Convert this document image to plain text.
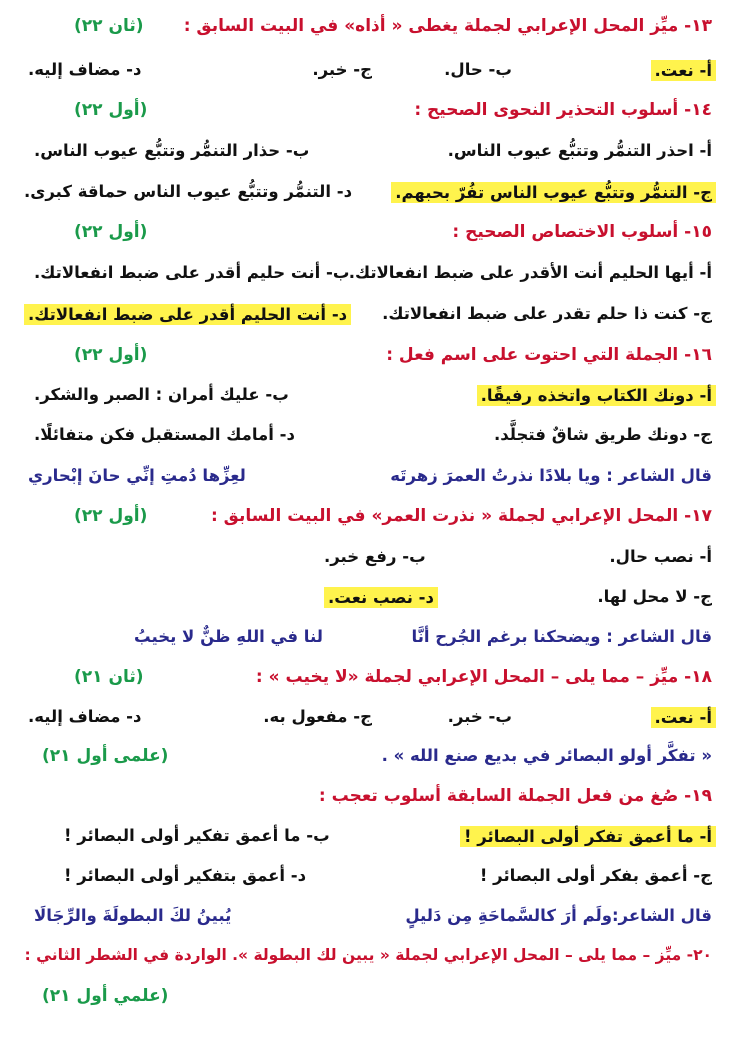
١٣- ميِّز المحل الإعرابي لجملة يغطى « أذاه» في البيت السابق :
(ثان ٢٢)
أ- نعت.
ب- حال.
ج- خبر.
د- مضاف إليه.
١٤- أسلوب التحذير النحوى الصحيح :
(أول ٢٢)
أ- احذر التنمُّر وتتبُّع عيوب الناس.
ب- حذار التنمُّر وتتبُّع عيوب الناس.
ج- التنمُّر وتتبُّع عيوب الناس تفُرّ بحبهم.
د- التنمُّر وتتبُّع عيوب الناس حماقة كبرى.
١٥- أسلوب الاختصاص الصحيح :
(أول ٢٢)
أ- أيها الحليم أنت الأقدر على ضبط انفعالاتك.
ب- أنت حليم أقدر على ضبط انفعالاتك.
ج- كنت ذا حلم تقدر على ضبط انفعالاتك.
د- أنت الحليم أقدر على ضبط انفعالاتك.
١٦- الجملة التي احتوت على اسم فعل :
(أول ٢٢)
أ- دونك الكتاب واتخذه رفيقًا.
ب- عليك أمران : الصبر والشكر.
ج- دونك طريق شاقٌ فتجلَّد.
د- أمامك المستقبل فكن متفائلًا.
قال الشاعر : ويا بلادًا نذرتُ العمرَ زهرتَه
لعِزِّها دُمتِ إنِّي حانَ إبْحاري
١٧- المحل الإعرابي لجملة « نذرت العمر» في البيت السابق :
(أول ٢٢)
أ- نصب حال.
ب- رفع خبر.
ج- لا محل لها.
د- نصب نعت.
قال الشاعر : ويضحكنا برغم الجُرح أنَّا
لنا في اللهِ ظنٌّ لا يخيبُ
١٨- ميِّز – مما يلى – المحل الإعرابي لجملة «لا يخيب » :
(ثان ٢١)
أ- نعت.
ب- خبر.
ج- مفعول به.
د- مضاف إليه.
« تفكَّر أولو البصائر في بديع صنع الله » .
(علمى أول ٢١)
١٩- صُغ من فعل الجملة السابقة أسلوب تعجب :
أ- ما أعمق تفكر أولى البصائر !
ب- ما أعمق تفكير أولى البصائر !
ج- أعمق بفكر أولى البصائر !
د- أعمق بتفكير أولى البصائر !
قال الشاعر:ولَم أرَ كالسَّماحَةِ مِن دَليلٍ
يُبينُ لكَ البطولَةَ والرِّجَالَا
٢٠- ميِّز – مما يلى – المحل الإعرابي لجملة « يبين لك البطولة ». الواردة في الشطر الثاني :
(علمي أول ٢١)
